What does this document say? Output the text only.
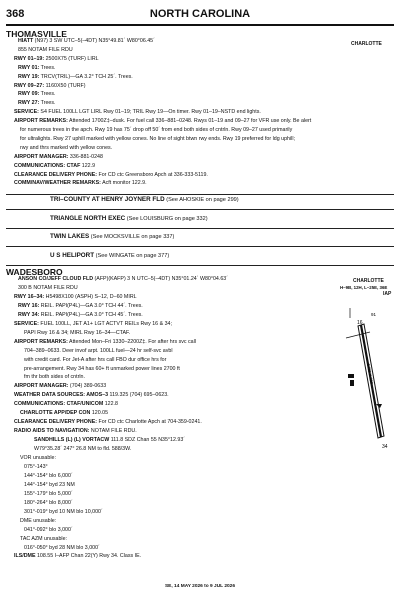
368	NORTH CAROLINA
THOMASVILLE
CHARLOTTE
HIATT (N97) 3 SW UTC–5(–4DT) N35°49.81´ W80°06.45´
855 NOTAM FILE RDU
RWY 01–19: 2500X75 (TURF) LIRL
RWY 01: Trees.
RWY 19: TRCV(TRIL)—GA 3.2° TCH 25´. Trees.
RWY 09–27: 1160X50 (TURF)
RWY 09: Trees.
RWY 27: Trees.
SERVICE: S4 FUEL 100LL LGT LIRL Rwy 01–19; TRIL Rwy 19—On timer. Rwy 01–19–NSTD end lights.
AIRPORT REMARKS: Attended 1700Z‡–dusk. For fuel call 336–881–0248. Rwys 01–19 and 09–27 for VFR use only. Be alert
for numerous trees in the apch. Rwy 19 has 75´ drop off 50´ from end both sides of cntrln. Rwy 09–27 used primarily
for ultralights. Rwy 27 uphill marked with yellow cones. No line of sight btwn rwy ends. Rwy 19 preferred for ldg uphill;
rwy and thrs marked with yellow cones.
AIRPORT MANAGER: 336-881-0248
COMMUNICATIONS: CTAF 122.9
CLEARANCE DELIVERY PHONE: For CD ctc Greensboro Apch at 336-333-5119.
COMM/NAV/WEATHER REMARKS: Acft monitor 122.9.
TRI–COUNTY AT HENRY JOYNER FLD (See AHOSKIE on page 299)
TRIANGLE NORTH EXEC (See LOUISBURG on page 332)
TWIN LAKES (See MOCKSVILLE on page 337)
U S HELIPORT (See WINGATE on page 377)
WADESBORO
CHARLOTTE
H–9B, 12H, L–25E, 36E
IAP
ANSON CO/JEFF CLOUD FLD (AFP)(KAFP) 3 N UTC–5(–4DT) N35°01.24´ W80°04.63´
300 B NOTAM FILE RDU
RWY 16–34: H5498X100 (ASPH) S–12, D–60 MIRL
RWY 16: REIL. PAPI(P4L)—GA 3.0° TCH 44´. Trees.
RWY 34: REIL. PAPI(P4L)—GA 3.0° TCH 45´. Trees.
SERVICE: FUEL 100LL, JET A1+ LGT ACTVT REILs Rwy 16 & 34;
PAPI Rwy 16 & 34; MIRL Rwy 16–34—CTAF.
AIRPORT REMARKS: Attended Mon–Fri 1330–2200Z‡. For after hrs svc call
704–389–0633. Deer invof arpt. 100LL fuel—24 hr self-svc avbl
with credit card. For Jet-A after hrs call FBO dur office hrs for
pre-arrangement. Rwy 34 has 60+ ft unmarked power lines 2700 ft
fm thr both sides of cntrln.
AIRPORT MANAGER: (704) 389-0633
WEATHER DATA SOURCES: AMOS–3 119.325 (704) 695–0623.
COMMUNICATIONS: CTAF/UNICOM 122.8
CHARLOTTE APP/DEP CON 120.05
CLEARANCE DELIVERY PHONE: For CD ctc Charlotte Apch at 704-359-0241.
RADIO AIDS TO NAVIGATION: NOTAM FILE RDU.
SANDHILLS (L) (L) VORTACW 111.8 SDZ Chan 55 N35°12.93´
W79°35.28´ 247° 26.8 NM to fld. 588/3W.
VOR unusable:
075°-143°
144°-154° blo 6,000´
144°-154° byd 23 NM
155°-179° blo 5,000´
180°-264° blo 8,000´
301°-019° byd 10 NM blo 10,000´
DME unusable:
041°-092° blo 3,000´
TAC AZM unusable:
016°-050° byd 28 NM blo 3,000´
ILS/DME 108.55 I–AFP Chan 22(Y) Rwy 34. Class IE.
16
34
91
5498 X 100
SE, 14 MAY 2026 to 9 JUL 2026
